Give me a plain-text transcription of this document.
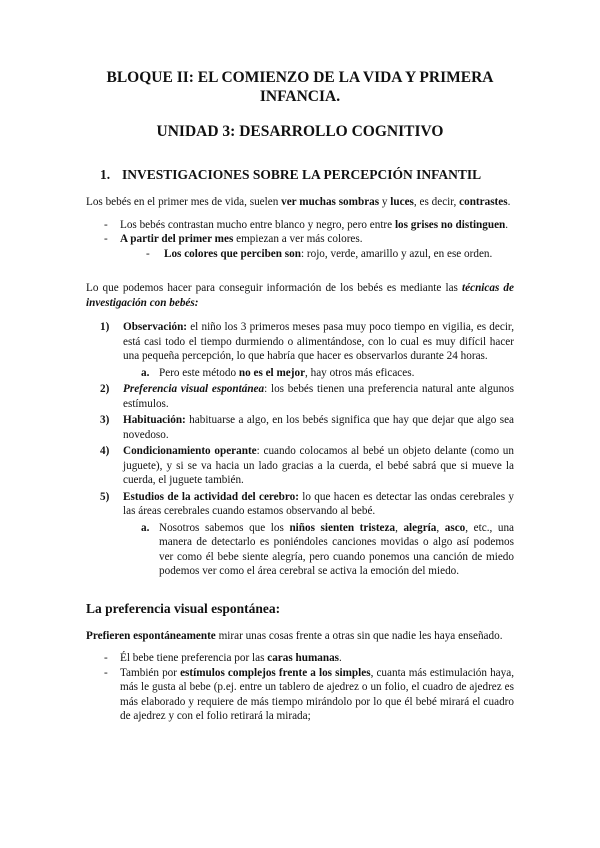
BLOQUE II: EL COMIENZO DE LA VIDA Y PRIMERA INFANCIA.
UNIDAD 3: DESARROLLO COGNITIVO
1. INVESTIGACIONES SOBRE LA PERCEPCIÓN INFANTIL

Los bebés en el primer mes de vida, suelen ver muchas sombras y luces, es decir, contrastes.

- Los bebés contrastan mucho entre blanco y negro, pero entre los grises no distinguen.
- A partir del primer mes empiezan a ver más colores.
- Los colores que perciben son: rojo, verde, amarillo y azul, en ese orden.

Lo que podemos hacer para conseguir información de los bebés es mediante las técnicas de investigación con bebés:

1) Observación: el niño los 3 primeros meses pasa muy poco tiempo en vigilia, es decir, está casi todo el tiempo durmiendo o alimentándose, con lo cual es muy difícil hacer una pequeña percepción, lo que habría que hacer es observarlos durante 24 horas.
a. Pero este método no es el mejor, hay otros más eficaces.
2) Preferencia visual espontánea: los bebés tienen una preferencia natural ante algunos estímulos.
3) Habituación: habituarse a algo, en los bebés significa que hay que dejar que algo sea novedoso.
4) Condicionamiento operante: cuando colocamos al bebé un objeto delante (como un juguete), y si se va hacia un lado gracias a la cuerda, el bebé sabrá que si mueve la cuerda, el juguete también.
5) Estudios de la actividad del cerebro: lo que hacen es detectar las ondas cerebrales y las áreas cerebrales cuando estamos observando al bebé.
a. Nosotros sabemos que los niños sienten tristeza, alegría, asco, etc., una manera de detectarlo es poniéndoles canciones movidas o algo así podemos ver como él bebe siente alegría, pero cuando ponemos una canción de miedo podemos ver como el área cerebral se activa la emoción del miedo.
La preferencia visual espontánea:

Prefieren espontáneamente mirar unas cosas frente a otras sin que nadie les haya enseñado.

- Él bebe tiene preferencia por las caras humanas.
- También por estímulos complejos frente a los simples, cuanta más estimulación haya, más le gusta al bebe (p.ej. entre un tablero de ajedrez o un folio, el cuadro de ajedrez es más elaborado y requiere de más tiempo mirándolo por lo que él bebé mirará el cuadro de ajedrez y con el folio retirará la mirada;
